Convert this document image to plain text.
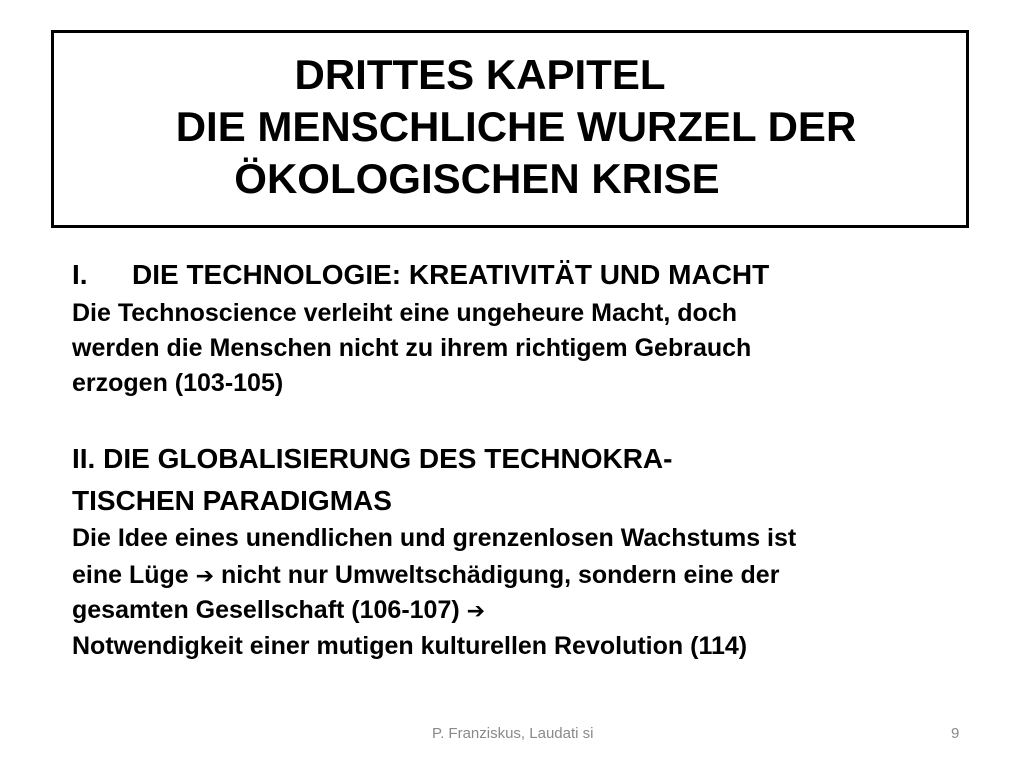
DRITTES KAPITEL
DIE MENSCHLICHE WURZEL DER
ÖKOLOGISCHEN KRISE
I. DIE TECHNOLOGIE: KREATIVITÄT UND MACHT
Die Technoscience verleiht eine ungeheure Macht, doch
werden die Menschen nicht zu ihrem richtigem Gebrauch
erzogen (103-105)
II. DIE GLOBALISIERUNG DES TECHNOKRA-
TISCHEN PARADIGMAS
Die Idee eines unendlichen und grenzenlosen Wachstums ist
eine Lüge ➔ nicht nur Umweltschädigung, sondern eine der
gesamten Gesellschaft (106-107) ➔
Notwendigkeit einer mutigen kulturellen Revolution (114)
P. Franziskus, Laudati si	9
